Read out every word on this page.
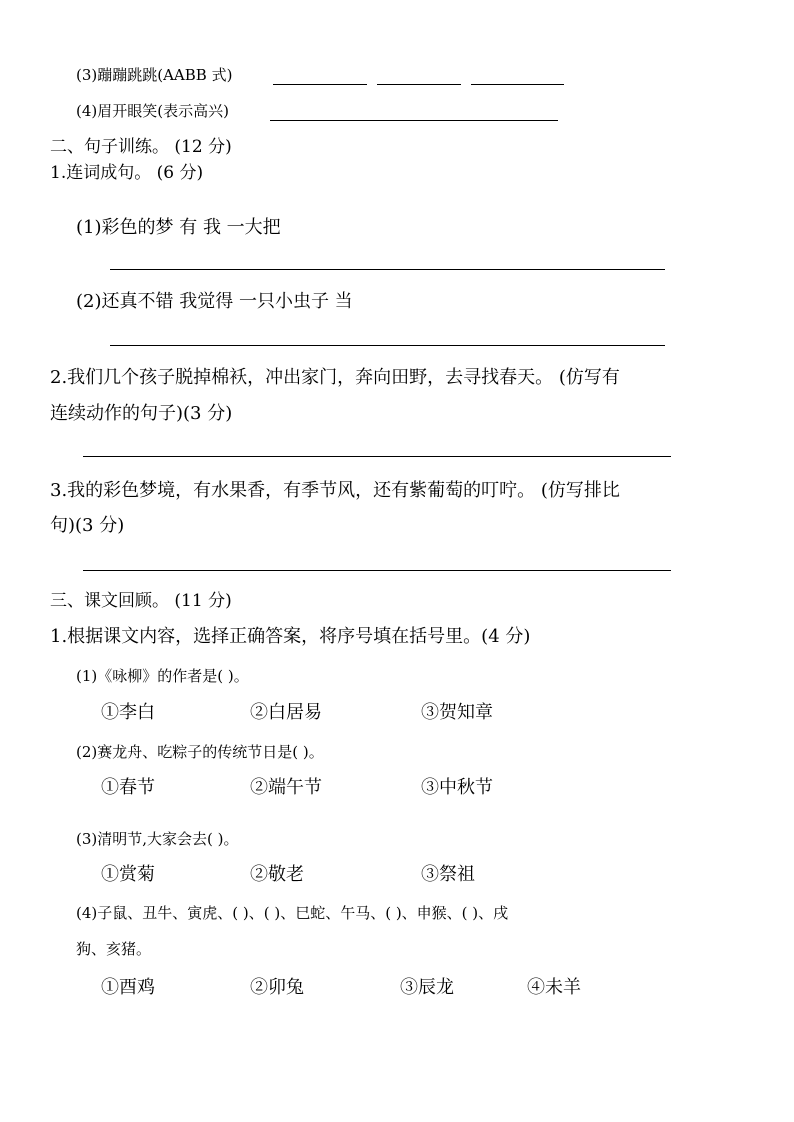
(3)蹦蹦跳跳(AABB 式)
(4)眉开眼笑(表示高兴)
二、句子训练。 (12 分)
1.连词成句。 (6 分)
(1)彩色的梦 有 我 一大把
(2)还真不错 我觉得 一只小虫子 当
2.我们几个孩子脱掉棉袄，冲出家门，奔向田野，去寻找春天。 (仿写有
连续动作的句子)(3 分)
3.我的彩色梦境，有水果香，有季节风，还有紫葡萄的叮咛。 (仿写排比
句)(3 分)
三、课文回顾。 (11 分)
1.根据课文内容，选择正确答案，将序号填在括号里。(4 分)
(1)《咏柳》的作者是( )。
①李白	②白居易	③贺知章
(2)赛龙舟、吃粽子的传统节日是( )。
①春节	②端午节	③中秋节
(3)清明节,大家会去( )。
①赏菊	②敬老	③祭祖
(4)子鼠、丑牛、寅虎、( )、( )、巳蛇、午马、( )、申猴、( )、戌
狗、亥猪。
①酉鸡	②卯兔	③辰龙	④未羊
